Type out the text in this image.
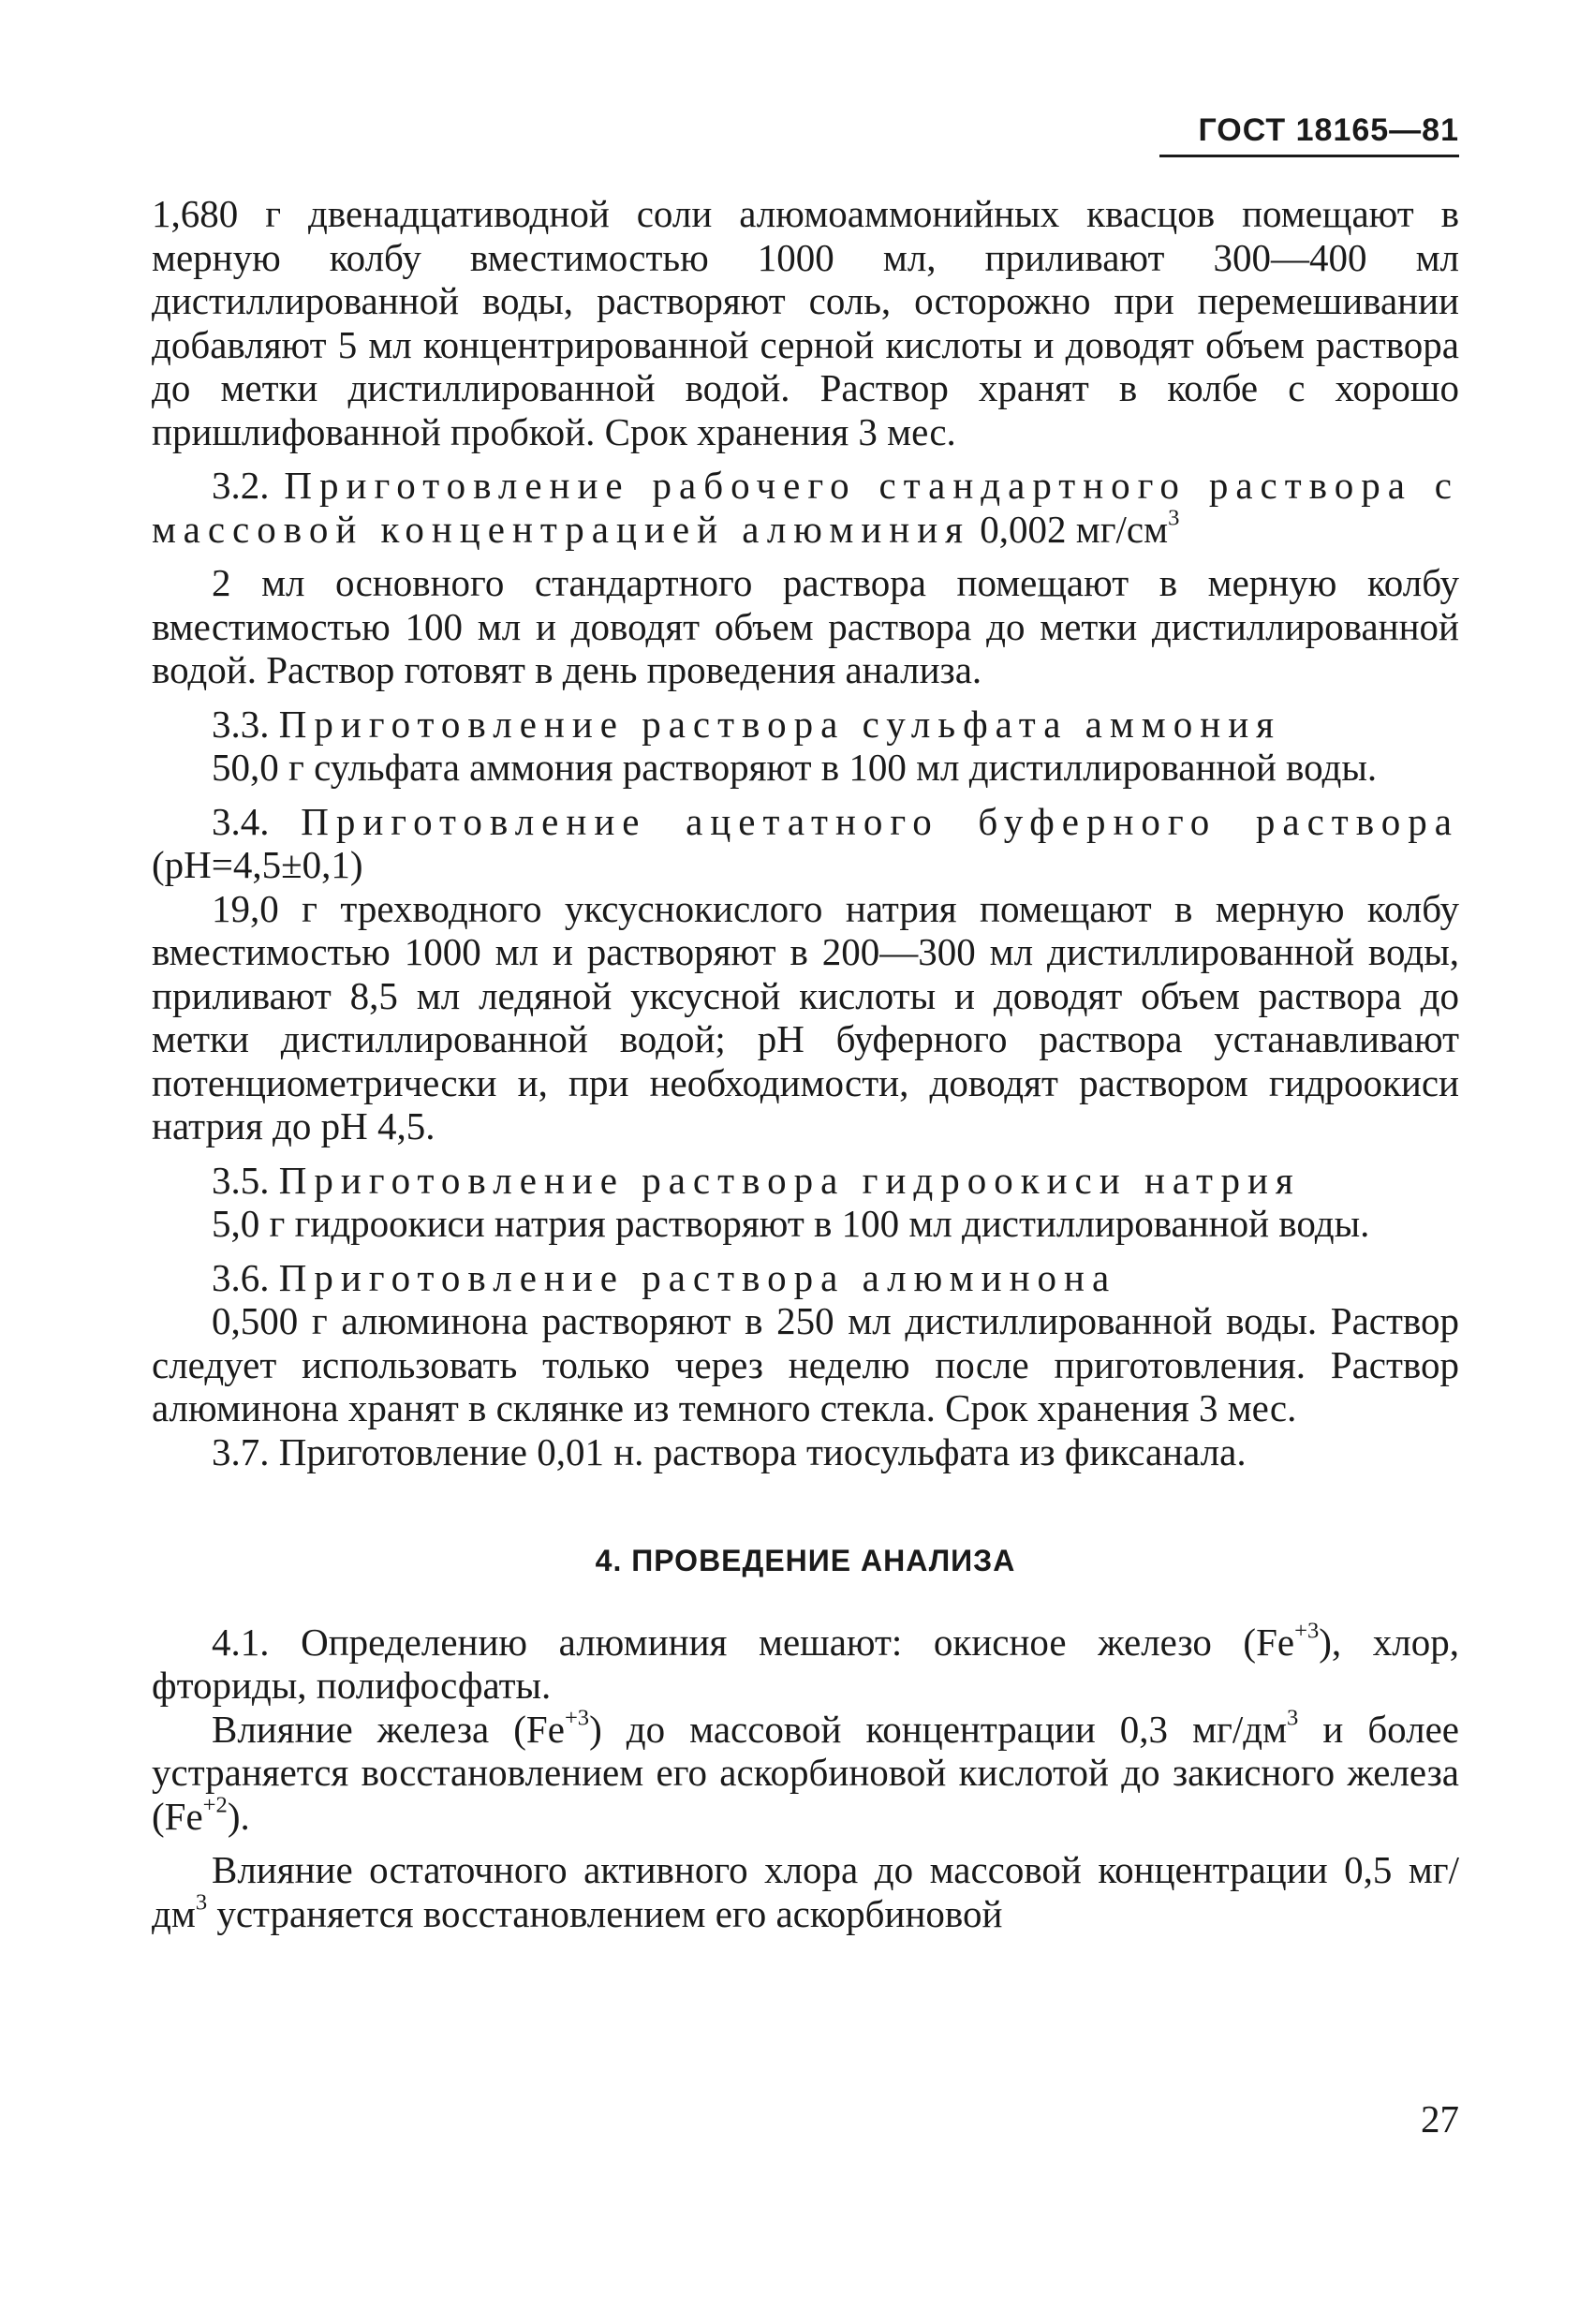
ГОСТ 18165—81

1,680 г двенадцативодной соли алюмоаммонийных квасцов помещают в мерную колбу вместимостью 1000 мл, приливают 300—400 мл дистиллированной воды, растворяют соль, осторожно при перемешивании добавляют 5 мл концентрированной серной кислоты и доводят объем раствора до метки дистиллированной водой. Раствор хранят в колбе с хорошо пришлифованной пробкой. Срок хранения 3 мес.

3.2. Приготовление рабочего стандартного раствора с массовой концентрацией алюминия 0,002 $мг/см^3$

2 мл основного стандартного раствора помещают в мерную колбу вместимостью 100 мл и доводят объем раствора до метки дистиллированной водой. Раствор готовят в день проведения анализа.

3.3. Приготовление раствора сульфата аммония

50,0 г сульфата аммония растворяют в 100 мл дистиллированной воды.

3.4. Приготовление ацетатного буферного раствора (pH=4,5±0,1)

19,0 г трехводного уксуснокислого натрия помещают в мерную колбу вместимостью 1000 мл и растворяют в 200—300 мл дистиллированной воды, приливают 8,5 мл ледяной уксусной кислоты и доводят объем раствора до метки дистиллированной водой; pH буферного раствора устанавливают потенциометрически и, при необходимости, доводят раствором гидроокиси натрия до pH 4,5.

3.5. Приготовление раствора гидроокиси натрия

5,0 г гидроокиси натрия растворяют в 100 мл дистиллированной воды.

3.6. Приготовление раствора алюминона

0,500 г алюминона растворяют в 250 мл дистиллированной воды. Раствор следует использовать только через неделю после приготовления. Раствор алюминона хранят в склянке из темного стекла. Срок хранения 3 мес.

3.7. Приготовление 0,01 н. раствора тиосульфата из фиксанала.

4. ПРОВЕДЕНИЕ АНАЛИЗА

4.1. Определению алюминия мешают: окисное железо $(Fe^{+3})$, хлор, фториды, полифосфаты.

Влияние железа $(Fe^{+3})$ до массовой концентрации 0,3 $мг/дм^3$ и более устраняется восстановлением его аскорбиновой кислотой до закисного железа $(Fe^{+2})$.

Влияние остаточного активного хлора до массовой концентрации 0,5 $мг/дм^3$ устраняется восстановлением его аскорбиновой

27
